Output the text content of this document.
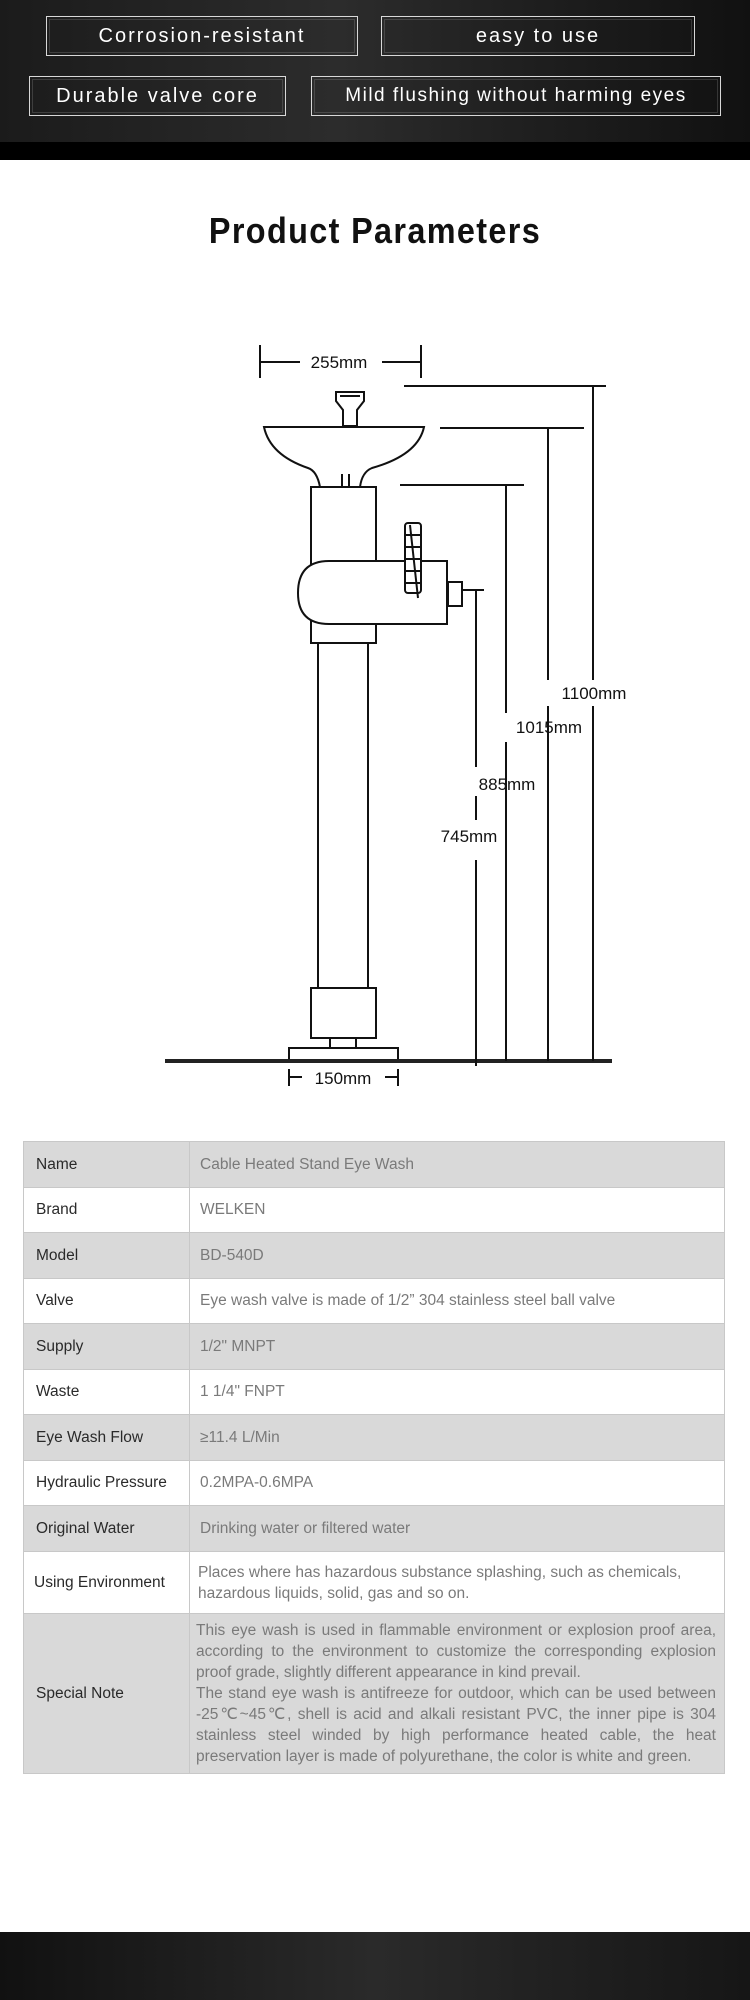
Corrosion-resistant	easy to use
Durable valve core	Mild flushing without harming eyes
Product Parameters
255mm
1100mm
1015mm
885mm
745mm
150mm
Name	Cable Heated Stand Eye Wash
Brand	WELKEN
Model	BD-540D
Valve	Eye wash valve is made of 1/2” 304 stainless steel ball valve
Supply	1/2" MNPT
Waste	1 1/4" FNPT
Eye Wash Flow	≥11.4 L/Min
Hydraulic Pressure	0.2MPA-0.6MPA
Original Water	Drinking water or filtered water
Using Environment	Places where has hazardous substance splashing, such as chemicals, hazardous liquids, solid, gas and so on.
Special Note	This eye wash is used in flammable environment or explosion proof area, according to the environment to customize the corresponding explosion proof grade, slightly different appearance in kind prevail.
The stand eye wash is antifreeze for outdoor, which can be used between -25℃~45℃, shell is acid and alkali resistant PVC, the inner pipe is 304 stainless steel winded by high performance heated cable, the heat preservation layer is made of polyurethane, the color is white and green.
